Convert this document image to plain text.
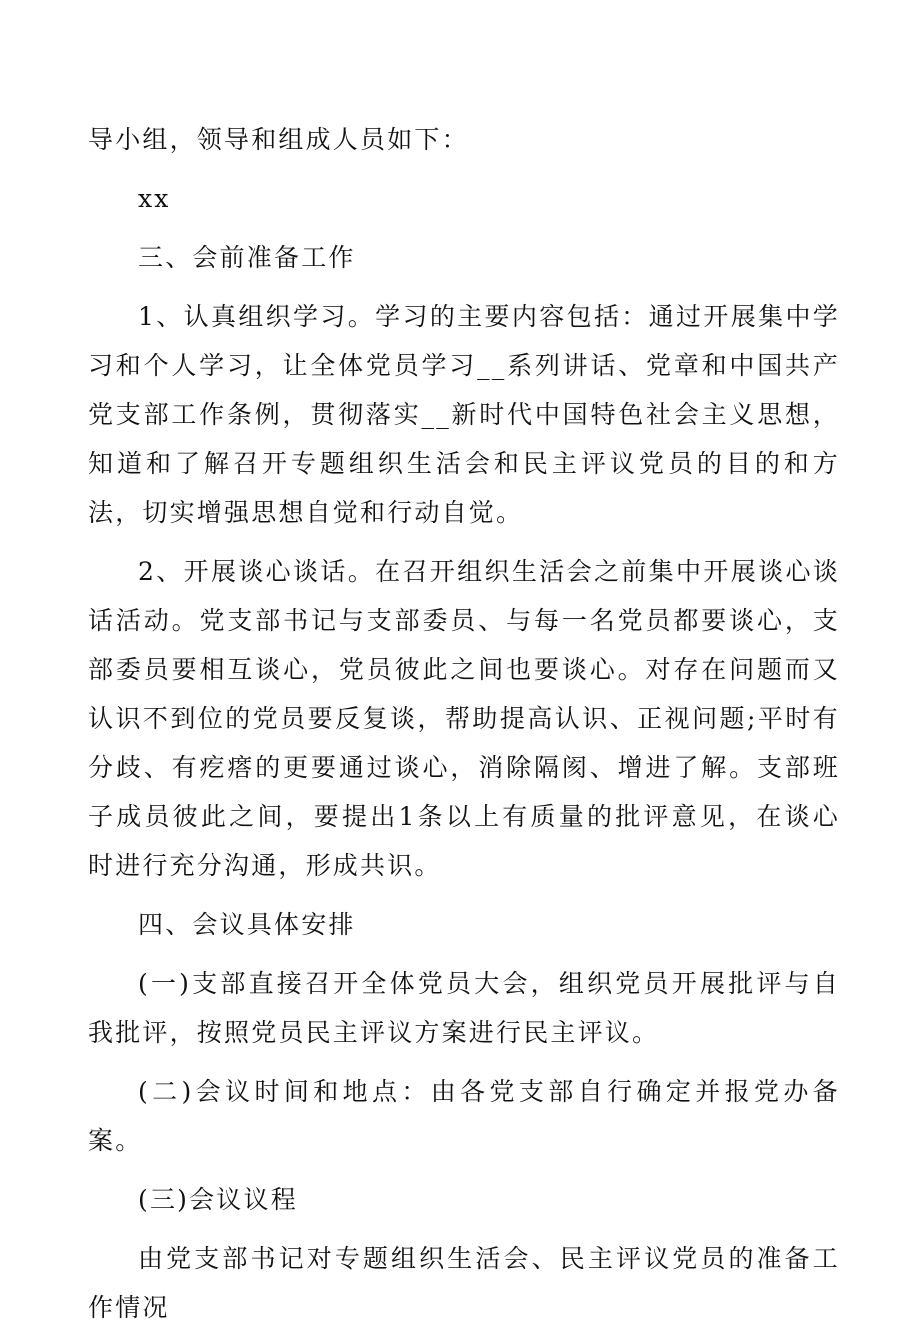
导小组，领导和组成人员如下：

xx

三、会前准备工作

1、认真组织学习。学习的主要内容包括：通过开展集中学习和个人学习，让全体党员学习__系列讲话、党章和中国共产党支部工作条例，贯彻落实__新时代中国特色社会主义思想，知道和了解召开专题组织生活会和民主评议党员的目的和方法，切实增强思想自觉和行动自觉。

2、开展谈心谈话。在召开组织生活会之前集中开展谈心谈话活动。党支部书记与支部委员、与每一名党员都要谈心，支部委员要相互谈心，党员彼此之间也要谈心。对存在问题而又认识不到位的党员要反复谈，帮助提高认识、正视问题;平时有分歧、有疙瘩的更要通过谈心，消除隔阂、增进了解。支部班子成员彼此之间，要提出1条以上有质量的批评意见，在谈心时进行充分沟通，形成共识。

四、会议具体安排

(一)支部直接召开全体党员大会，组织党员开展批评与自我批评，按照党员民主评议方案进行民主评议。

(二)会议时间和地点：由各党支部自行确定并报党办备案。

(三)会议议程

由党支部书记对专题组织生活会、民主评议党员的准备工作情况
